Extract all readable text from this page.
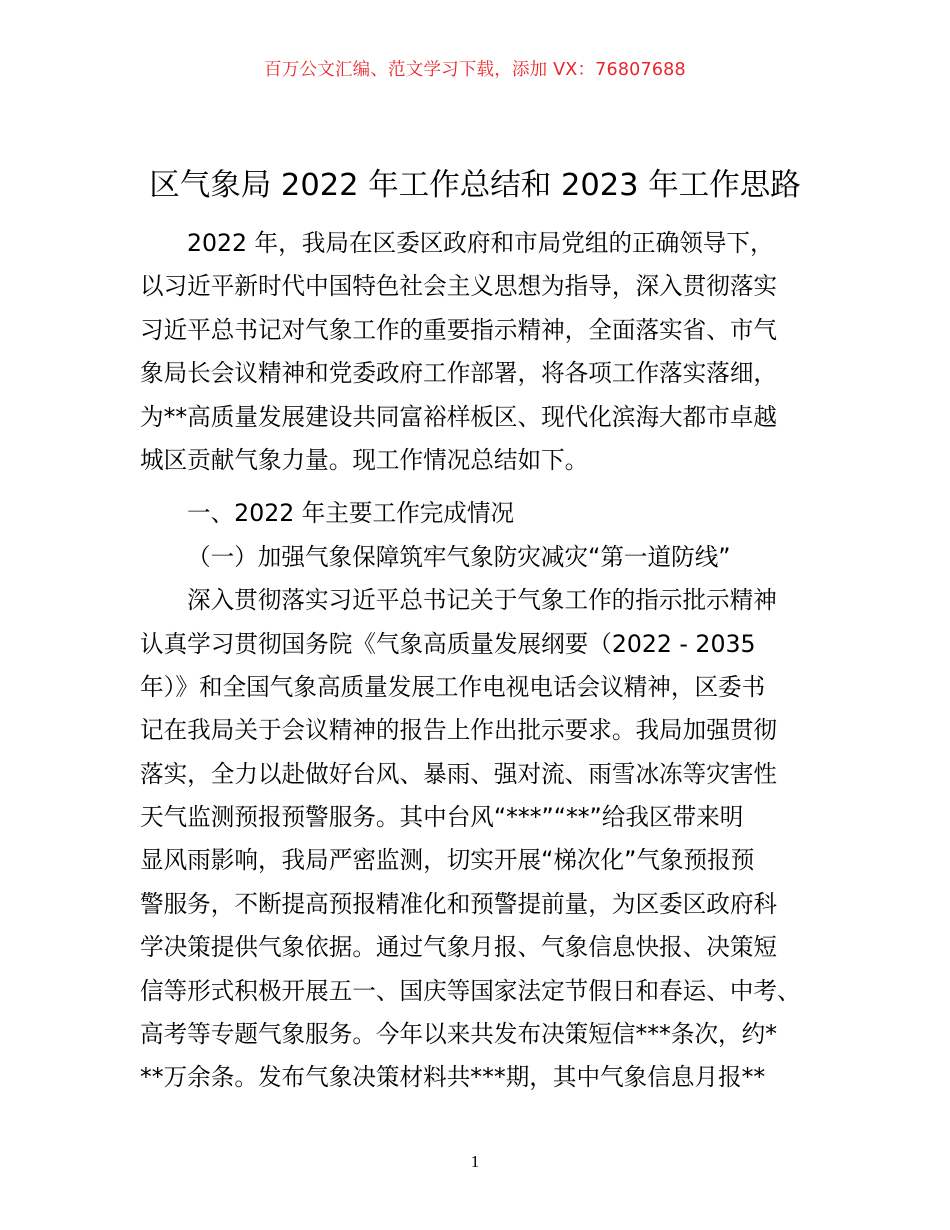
百万公文汇编、范文学习下载，添加 VX：76807688
区气象局 2022 年工作总结和 2023 年工作思路
2022 年，我局在区委区政府和市局党组的正确领导下，
以习近平新时代中国特色社会主义思想为指导，深入贯彻落实
习近平总书记对气象工作的重要指示精神，全面落实省、市气
象局长会议精神和党委政府工作部署，将各项工作落实落细，
为**高质量发展建设共同富裕样板区、现代化滨海大都市卓越
城区贡献气象力量。现工作情况总结如下。
一、2022 年主要工作完成情况
（一）加强气象保障筑牢气象防灾减灾“第一道防线”
深入贯彻落实习近平总书记关于气象工作的指示批示精神
认真学习贯彻国务院《气象高质量发展纲要（2022 - 2035
年）》和全国气象高质量发展工作电视电话会议精神，区委书
记在我局关于会议精神的报告上作出批示要求。我局加强贯彻
落实，全力以赴做好台风、暴雨、强对流、雨雪冰冻等灾害性
天气监测预报预警服务。其中台风“***”“**”给我区带来明
显风雨影响，我局严密监测，切实开展“梯次化”气象预报预
警服务，不断提高预报精准化和预警提前量，为区委区政府科
学决策提供气象依据。通过气象月报、气象信息快报、决策短
信等形式积极开展五一、国庆等国家法定节假日和春运、中考、
高考等专题气象服务。今年以来共发布决策短信***条次，约*
**万余条。发布气象决策材料共***期，其中气象信息月报**
1
